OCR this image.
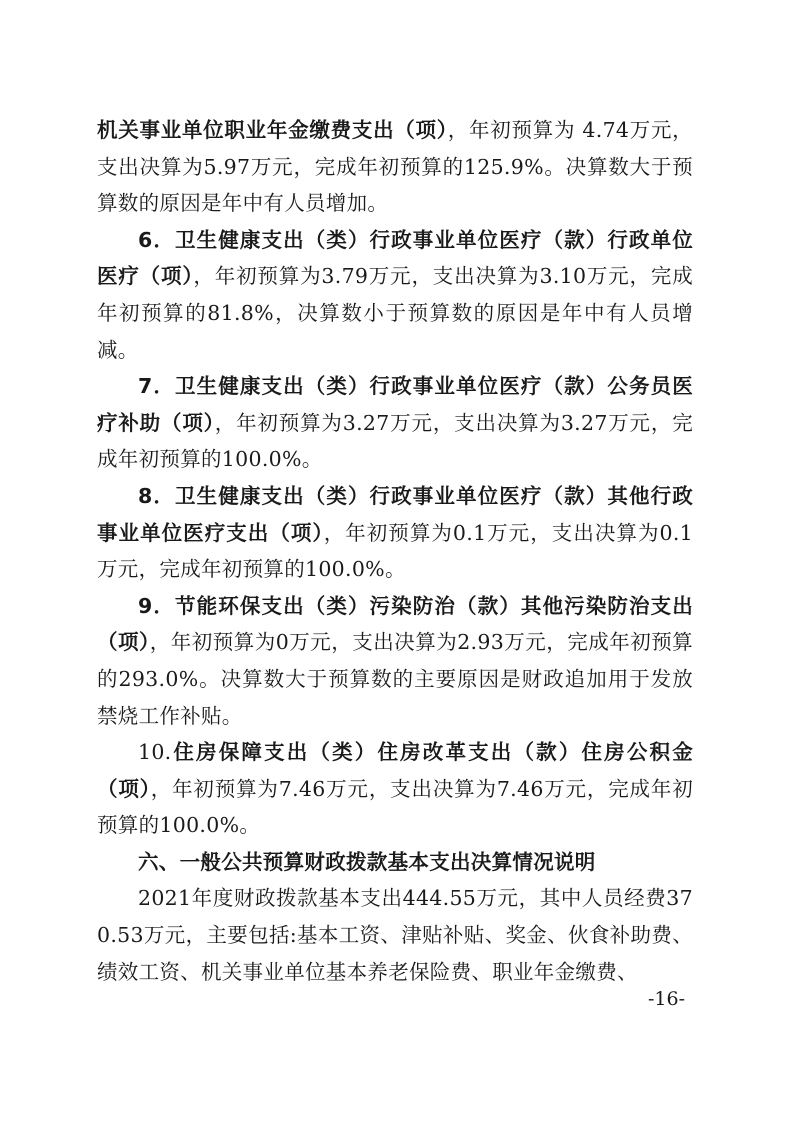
机关事业单位职业年金缴费支出（项），年初预算为 4.74万元，支出决算为5.97万元，完成年初预算的125.9%。决算数大于预算数的原因是年中有人员增加。

6．卫生健康支出（类）行政事业单位医疗（款）行政单位医疗（项），年初预算为3.79万元，支出决算为3.10万元，完成年初预算的81.8%，决算数小于预算数的原因是年中有人员增减。

7．卫生健康支出（类）行政事业单位医疗（款）公务员医疗补助（项），年初预算为3.27万元，支出决算为3.27万元，完成年初预算的100.0%。

8．卫生健康支出（类）行政事业单位医疗（款）其他行政事业单位医疗支出（项），年初预算为0.1万元，支出决算为0.1万元，完成年初预算的100.0%。

9．节能环保支出（类）污染防治（款）其他污染防治支出（项），年初预算为0万元，支出决算为2.93万元，完成年初预算的293.0%。决算数大于预算数的主要原因是财政追加用于发放禁烧工作补贴。

10.住房保障支出（类）住房改革支出（款）住房公积金（项），年初预算为7.46万元，支出决算为7.46万元，完成年初预算的100.0%。

六、一般公共预算财政拨款基本支出决算情况说明

2021年度财政拨款基本支出444.55万元，其中人员经费370.53万元，主要包括:基本工资、津贴补贴、奖金、伙食补助费、绩效工资、机关事业单位基本养老保险费、职业年金缴费、

-16-
